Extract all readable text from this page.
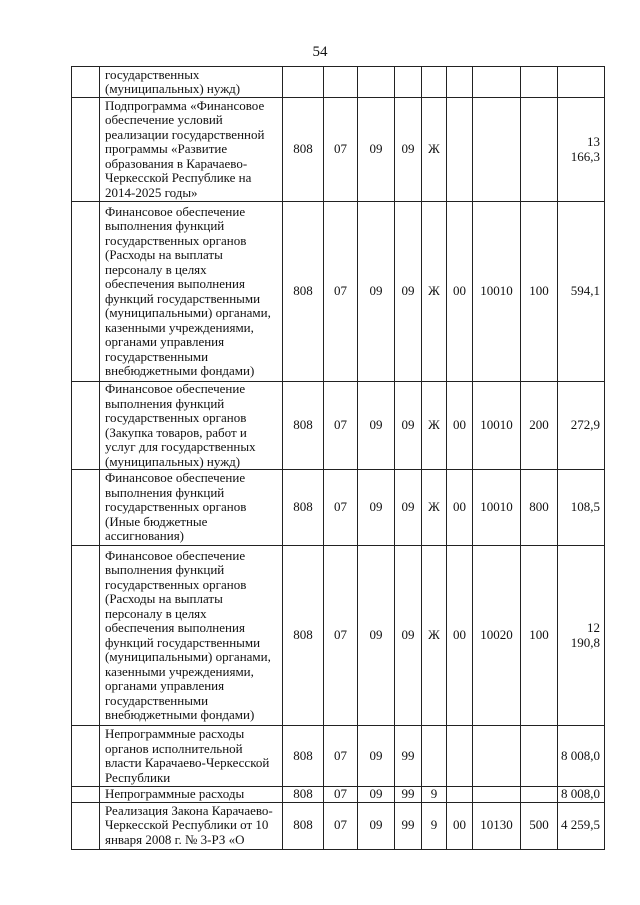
54
	государственных (муниципальных) нужд)									
	Подпрограмма «Финансовое обеспечение условий реализации государственной программы «Развитие образования в Карачаево-Черкесской Республике на 2014-2025 годы»	808	07	09	09	Ж				13 166,3
	Финансовое обеспечение выполнения функций государственных органов (Расходы на выплаты персоналу в целях обеспечения выполнения функций государственными (муниципальными) органами, казенными учреждениями, органами управления государственными внебюджетными фондами)	808	07	09	09	Ж	00	10010	100	594,1
	Финансовое обеспечение выполнения функций государственных органов (Закупка товаров, работ и услуг для государственных (муниципальных) нужд)	808	07	09	09	Ж	00	10010	200	272,9
	Финансовое обеспечение выполнения функций государственных органов (Иные бюджетные ассигнования)	808	07	09	09	Ж	00	10010	800	108,5
	Финансовое обеспечение выполнения функций государственных органов (Расходы на выплаты персоналу в целях обеспечения выполнения функций государственными (муниципальными) органами, казенными учреждениями, органами управления государственными внебюджетными фондами)	808	07	09	09	Ж	00	10020	100	12 190,8
	Непрограммные расходы органов исполнительной власти Карачаево-Черкесской Республики	808	07	09	99					8 008,0
	Непрограммные расходы	808	07	09	99	9				8 008,0
	Реализация Закона Карачаево-Черкесской Республики от 10 января 2008 г. № 3-РЗ «О	808	07	09	99	9	00	10130	500	4 259,5
